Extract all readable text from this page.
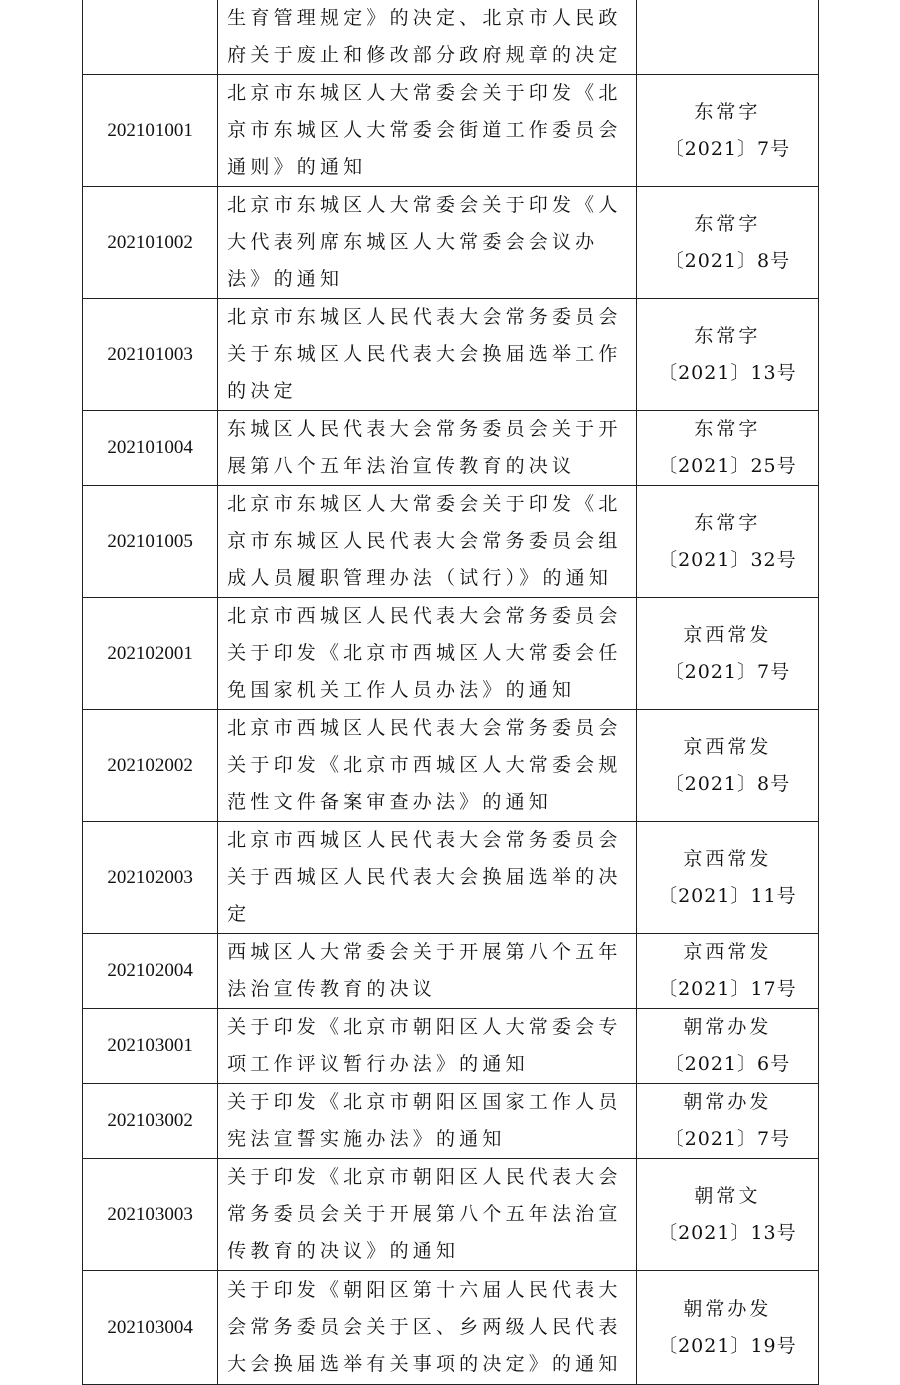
	生育管理规定》的决定、北京市人民政府关于废止和修改部分政府规章的决定	

202101001	北京市东城区人大常委会关于印发《北京市东城区人大常委会街道工作委员会通则》的通知	东常字
〔2021〕7号

202101002	北京市东城区人大常委会关于印发《人大代表列席东城区人大常委会会议办法》的通知	东常字
〔2021〕8号

202101003	北京市东城区人民代表大会常务委员会关于东城区人民代表大会换届选举工作的决定	东常字
〔2021〕13号

202101004	东城区人民代表大会常务委员会关于开展第八个五年法治宣传教育的决议	东常字
〔2021〕25号

202101005	北京市东城区人大常委会关于印发《北京市东城区人民代表大会常务委员会组成人员履职管理办法（试行）》的通知	东常字
〔2021〕32号

202102001	北京市西城区人民代表大会常务委员会关于印发《北京市西城区人大常委会任免国家机关工作人员办法》的通知	京西常发
〔2021〕7号

202102002	北京市西城区人民代表大会常务委员会关于印发《北京市西城区人大常委会规范性文件备案审查办法》的通知	京西常发
〔2021〕8号

202102003	北京市西城区人民代表大会常务委员会关于西城区人民代表大会换届选举的决定	京西常发
〔2021〕11号

202102004	西城区人大常委会关于开展第八个五年法治宣传教育的决议	京西常发
〔2021〕17号

202103001	关于印发《北京市朝阳区人大常委会专项工作评议暂行办法》的通知	朝常办发
〔2021〕6号

202103002	关于印发《北京市朝阳区国家工作人员宪法宣誓实施办法》的通知	朝常办发
〔2021〕7号

202103003	关于印发《北京市朝阳区人民代表大会常务委员会关于开展第八个五年法治宣传教育的决议》的通知	朝常文
〔2021〕13号

202103004	关于印发《朝阳区第十六届人民代表大会常务委员会关于区、乡两级人民代表大会换届选举有关事项的决定》的通知	朝常办发
〔2021〕19号
